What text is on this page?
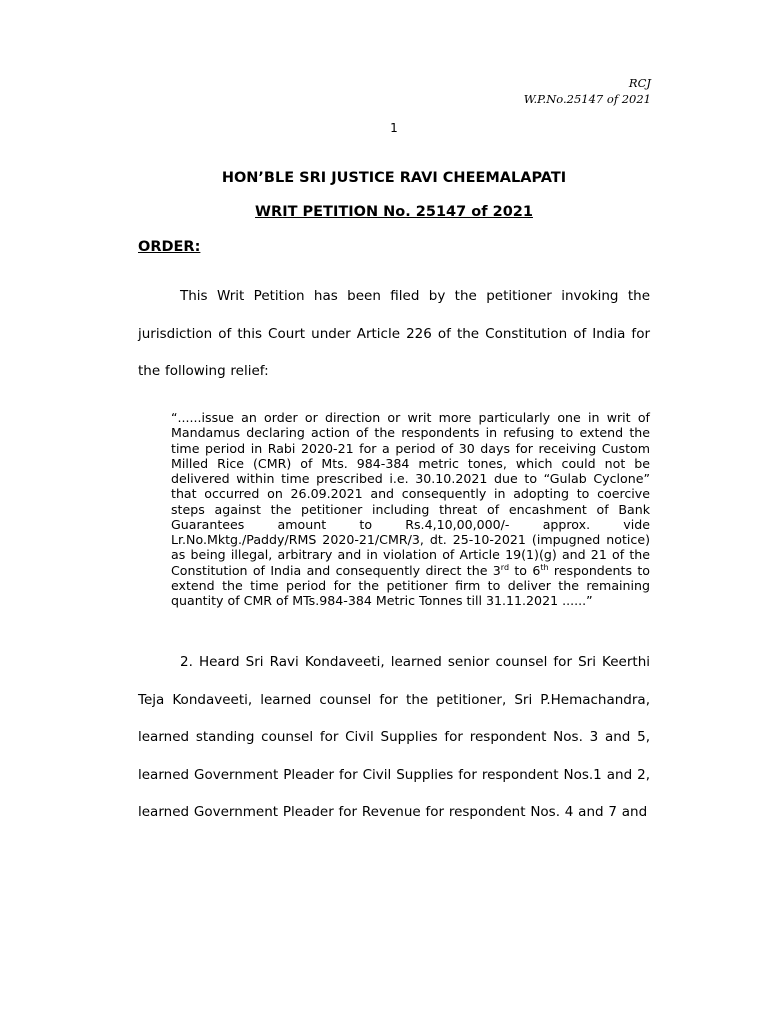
RCJ
W.P.No.25147 of 2021
1
HON’BLE SRI JUSTICE RAVI CHEEMALAPATI
WRIT PETITION No. 25147 of 2021
ORDER:
This Writ Petition has been filed by the petitioner invoking the jurisdiction of this Court under Article 226 of the Constitution of India for the following relief:
“......issue an order or direction or writ more particularly one in writ of Mandamus declaring action of the respondents in refusing to extend the time period in Rabi 2020-21 for a period of 30 days for receiving Custom Milled Rice (CMR) of Mts. 984-384 metric tones, which could not be delivered within time prescribed i.e. 30.10.2021 due to “Gulab Cyclone” that occurred on 26.09.2021 and consequently in adopting to coercive steps against the petitioner including threat of encashment of Bank Guarantees amount to Rs.4,10,00,000/- approx. vide Lr.No.Mktg./Paddy/RMS 2020-21/CMR/3, dt. 25-10-2021 (impugned notice) as being illegal, arbitrary and in violation of Article 19(1)(g) and 21 of the Constitution of India and consequently direct the 3rd to 6th respondents to extend the time period for the petitioner firm to deliver the remaining quantity of CMR of MTs.984-384 Metric Tonnes till 31.11.2021 ......”
2. Heard Sri Ravi Kondaveeti, learned senior counsel for Sri Keerthi Teja Kondaveeti, learned counsel for the petitioner, Sri P.Hemachandra, learned standing counsel for Civil Supplies for respondent Nos. 3 and 5, learned Government Pleader for Civil Supplies for respondent Nos.1 and 2, learned Government Pleader for Revenue for respondent Nos. 4 and 7 and
